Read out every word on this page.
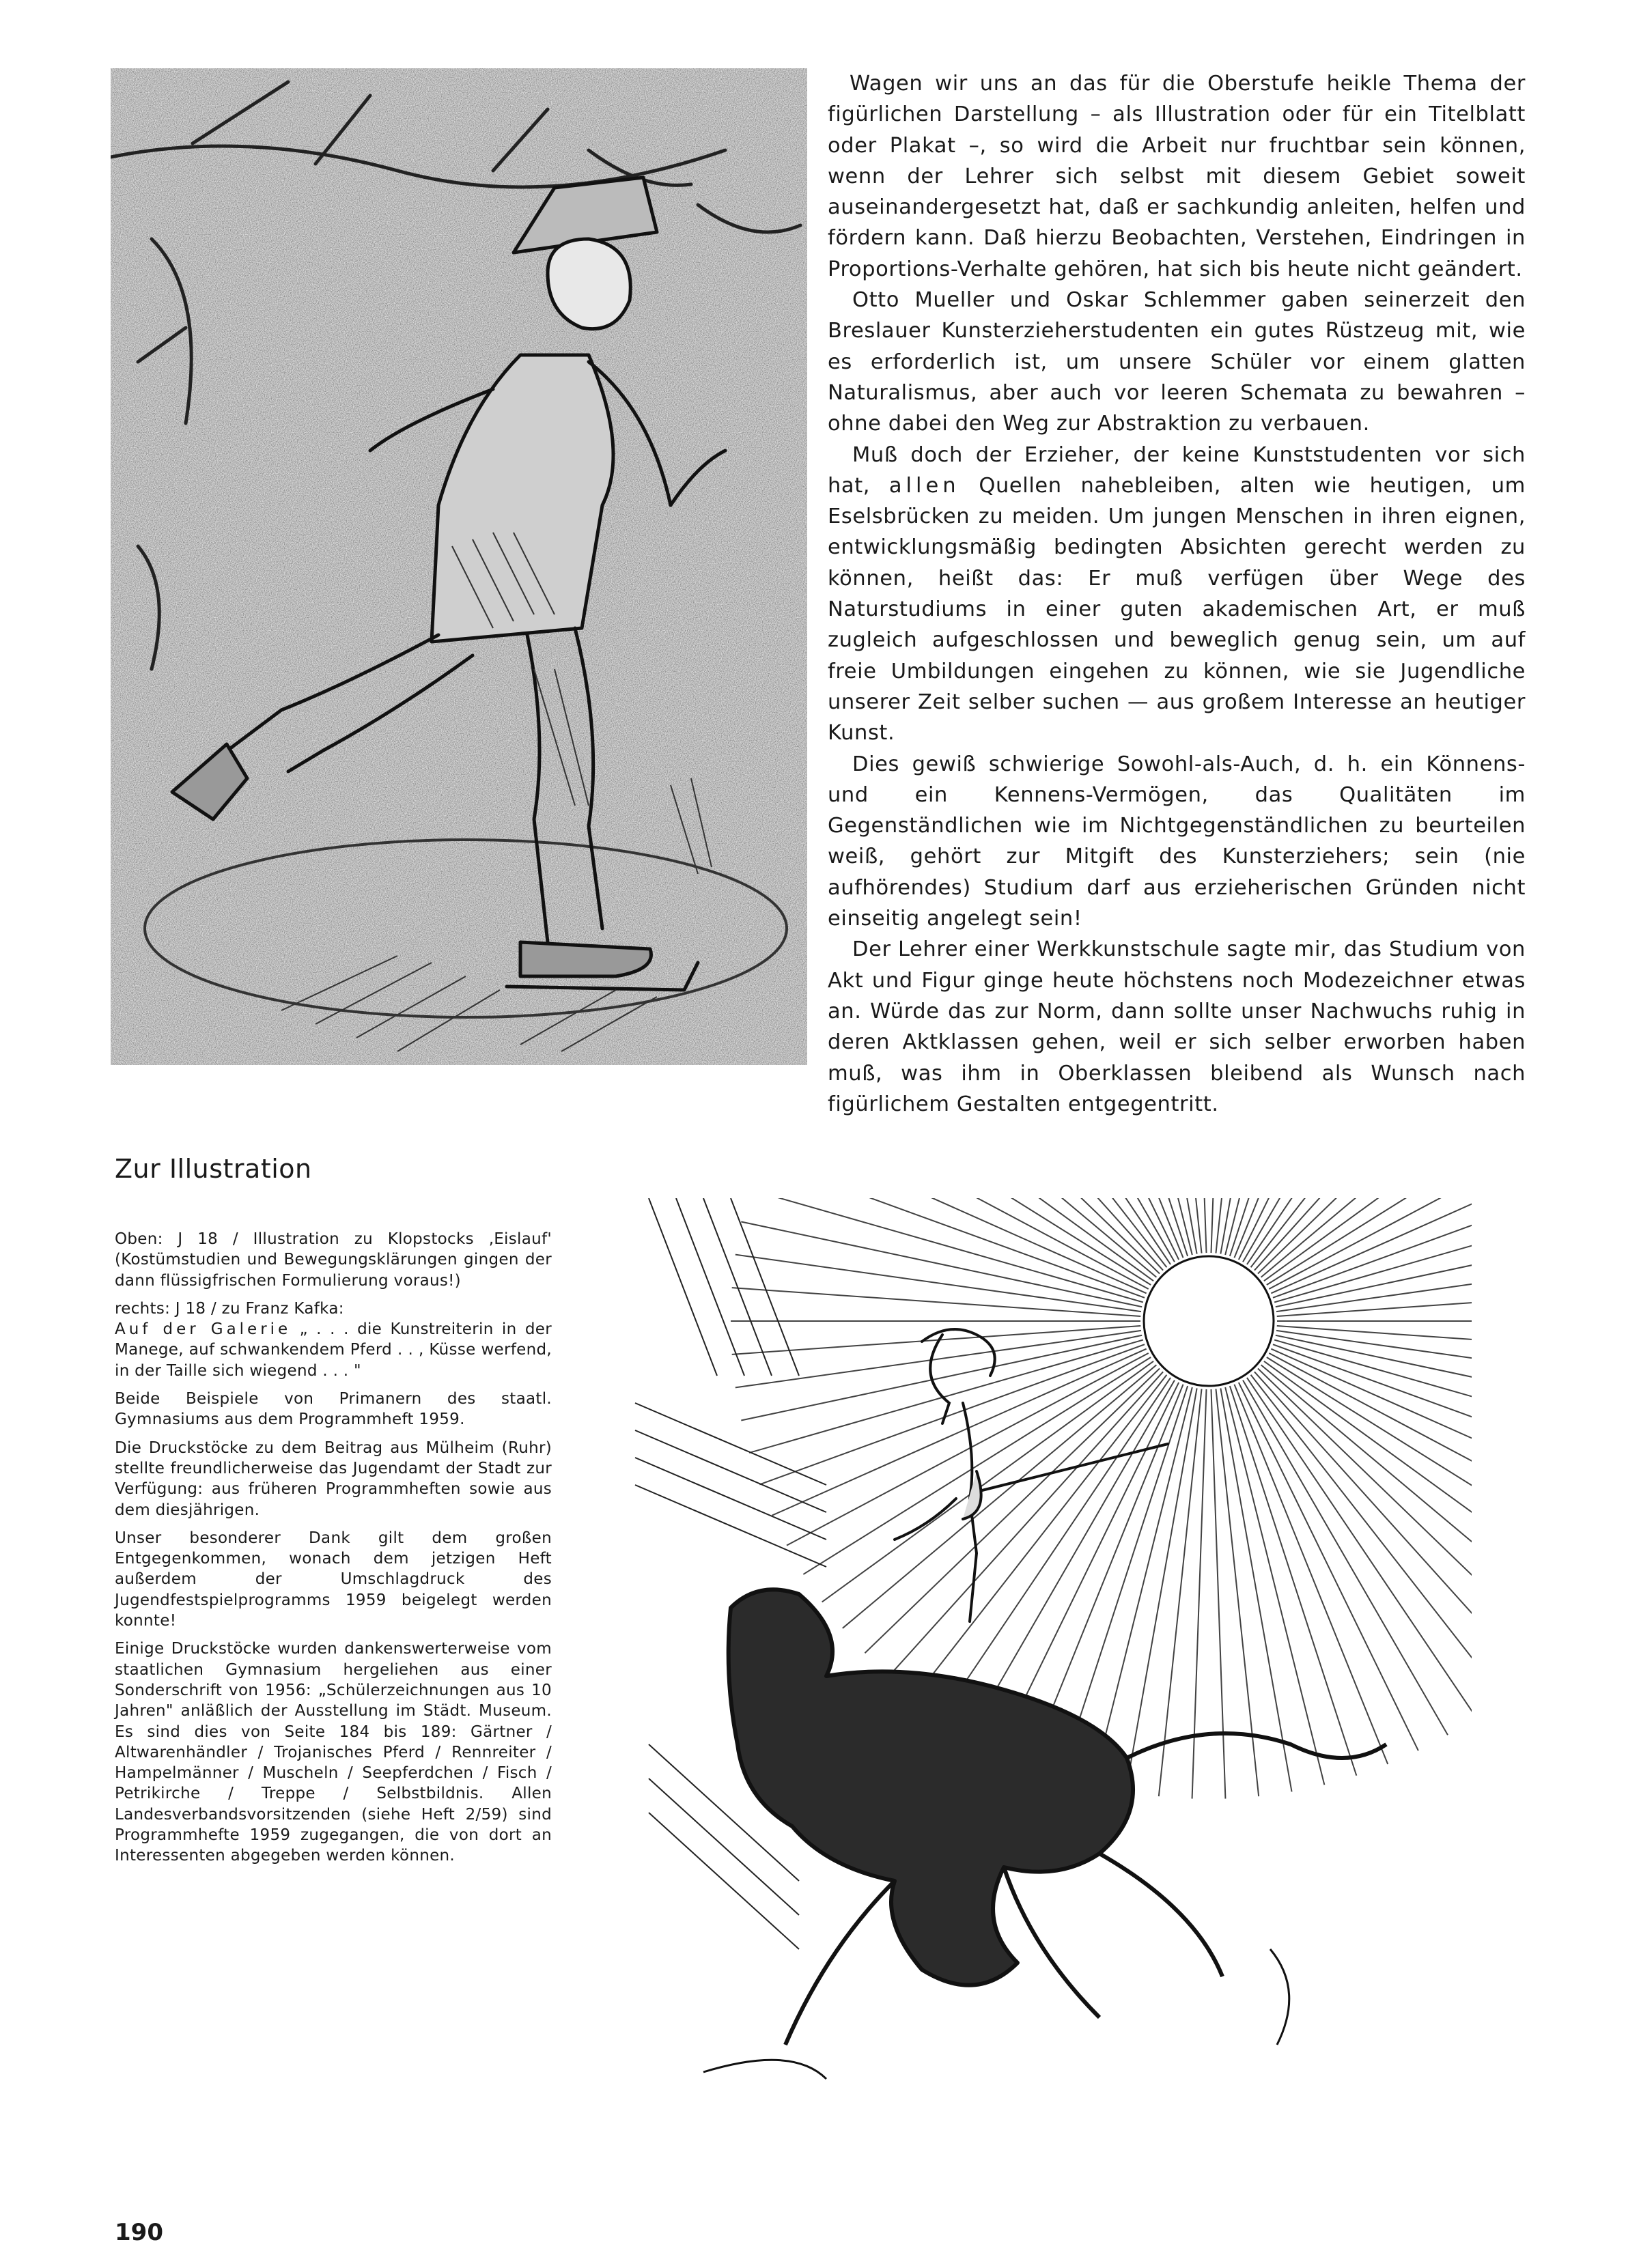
Wagen wir uns an das für die Oberstufe heikle Thema der figürlichen Darstellung – als Illustration oder für ein Titelblatt oder Plakat –, so wird die Arbeit nur fruchtbar sein können, wenn der Lehrer sich selbst mit diesem Gebiet soweit auseinandergesetzt hat, daß er sachkundig anleiten, helfen und fördern kann. Daß hierzu Beobachten, Verstehen, Eindringen in Proportions-Verhalte gehören, hat sich bis heute nicht geändert.

Otto Mueller und Oskar Schlemmer gaben seinerzeit den Breslauer Kunsterzieherstudenten ein gutes Rüstzeug mit, wie es erforderlich ist, um unsere Schüler vor einem glatten Naturalismus, aber auch vor leeren Schemata zu bewahren – ohne dabei den Weg zur Abstraktion zu verbauen.

Muß doch der Erzieher, der keine Kunststudenten vor sich hat, allen Quellen nahebleiben, alten wie heutigen, um Eselsbrücken zu meiden. Um jungen Menschen in ihren eignen, entwicklungsmäßig bedingten Absichten gerecht werden zu können, heißt das: Er muß verfügen über Wege des Naturstudiums in einer guten akademischen Art, er muß zugleich aufgeschlossen und beweglich genug sein, um auf freie Umbildungen eingehen zu können, wie sie Jugendliche unserer Zeit selber suchen — aus großem Interesse an heutiger Kunst.

Dies gewiß schwierige Sowohl-als-Auch, d. h. ein Könnens- und ein Kennens-Vermögen, das Qualitäten im Gegenständlichen wie im Nichtgegenständlichen zu beurteilen weiß, gehört zur Mitgift des Kunsterziehers; sein (nie aufhörendes) Studium darf aus erzieherischen Gründen nicht einseitig angelegt sein!

Der Lehrer einer Werkkunstschule sagte mir, das Studium von Akt und Figur ginge heute höchstens noch Modezeichner etwas an. Würde das zur Norm, dann sollte unser Nachwuchs ruhig in deren Aktklassen gehen, weil er sich selber erworben haben muß, was ihm in Oberklassen bleibend als Wunsch nach figürlichem Gestalten entgegentritt.

Zur Illustration

Oben: J 18 / Illustration zu Klopstocks ‚Eislauf' (Kostümstudien und Bewegungsklärungen gingen der dann flüssigfrischen Formulierung voraus!)

rechts: J 18 / zu Franz Kafka:
Auf der Galerie „ . . . die Kunstreiterin in der Manege, auf schwankendem Pferd . . , Küsse werfend, in der Taille sich wiegend . . . "

Beide Beispiele von Primanern des staatl. Gymnasiums aus dem Programmheft 1959.

Die Druckstöcke zu dem Beitrag aus Mülheim (Ruhr) stellte freundlicherweise das Jugendamt der Stadt zur Verfügung: aus früheren Programmheften sowie aus dem diesjährigen.

Unser besonderer Dank gilt dem großen Entgegenkommen, wonach dem jetzigen Heft außerdem der Umschlagdruck des Jugendfestspielprogramms 1959 beigelegt werden konnte!

Einige Druckstöcke wurden dankenswerterweise vom staatlichen Gymnasium hergeliehen aus einer Sonderschrift von 1956: „Schülerzeichnungen aus 10 Jahren" anläßlich der Ausstellung im Städt. Museum. Es sind dies von Seite 184 bis 189: Gärtner / Altwarenhändler / Trojanisches Pferd / Rennreiter / Hampelmänner / Muscheln / Seepferdchen / Fisch / Petrikirche / Treppe / Selbstbildnis. Allen Landesverbandsvorsitzenden (siehe Heft 2/59) sind Programmhefte 1959 zugegangen, die von dort an Interessenten abgegeben werden können.

190
